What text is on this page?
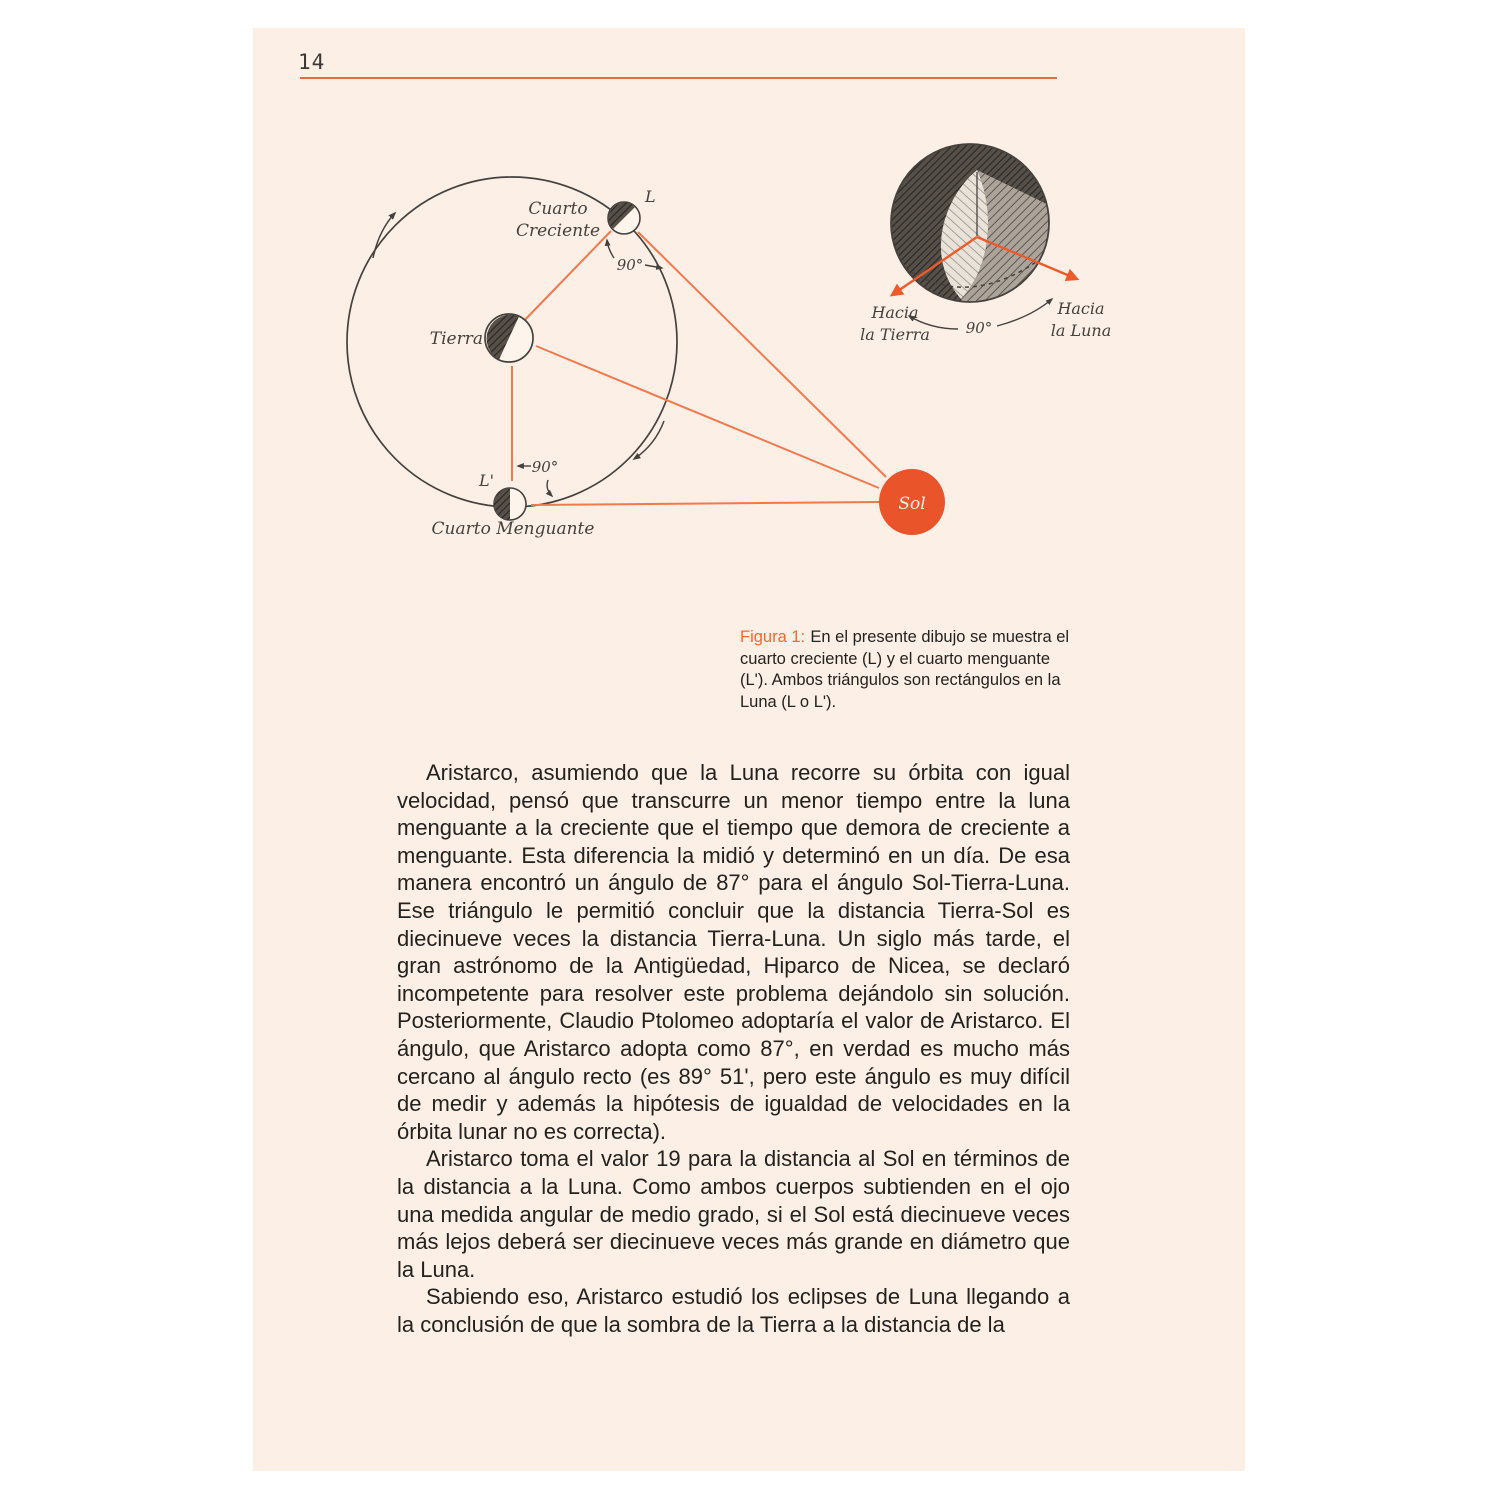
14
Tierra
L
Cuarto
Creciente
90°
L'
Cuarto Menguante
90°
Sol
90°
Hacia
la Tierra
Hacia
la Luna
Figura 1: En el presente dibujo se muestra el cuarto creciente (L) y el cuarto menguante (L'). Ambos triángulos son rectángulos en la Luna (L o L').

Aristarco, asumiendo que la Luna recorre su órbita con igual velocidad, pensó que transcurre un menor tiempo entre la luna menguante a la creciente que el tiempo que demora de creciente a menguante. Esta diferencia la midió y determinó en un día. De esa manera encontró un ángulo de 87° para el ángulo Sol-Tierra-Luna. Ese triángulo le permitió concluir que la distancia Tierra-Sol es diecinueve veces la distancia Tierra-Luna. Un siglo más tarde, el gran astrónomo de la Antigüedad, Hiparco de Nicea, se declaró incompetente para resolver este problema dejándolo sin solución. Posteriormente, Claudio Ptolomeo adoptaría el valor de Aristarco. El ángulo, que Aristarco adopta como 87°, en verdad es mucho más cercano al ángulo recto (es 89° 51', pero este ángulo es muy difícil de medir y además la hipótesis de igualdad de velocidades en la órbita lunar no es correcta).

Aristarco toma el valor 19 para la distancia al Sol en términos de la distancia a la Luna. Como ambos cuerpos subtienden en el ojo una medida angular de medio grado, si el Sol está diecinueve veces más lejos deberá ser diecinueve veces más grande en diámetro que la Luna.

Sabiendo eso, Aristarco estudió los eclipses de Luna llegando a la conclusión de que la sombra de la Tierra a la distancia de la
